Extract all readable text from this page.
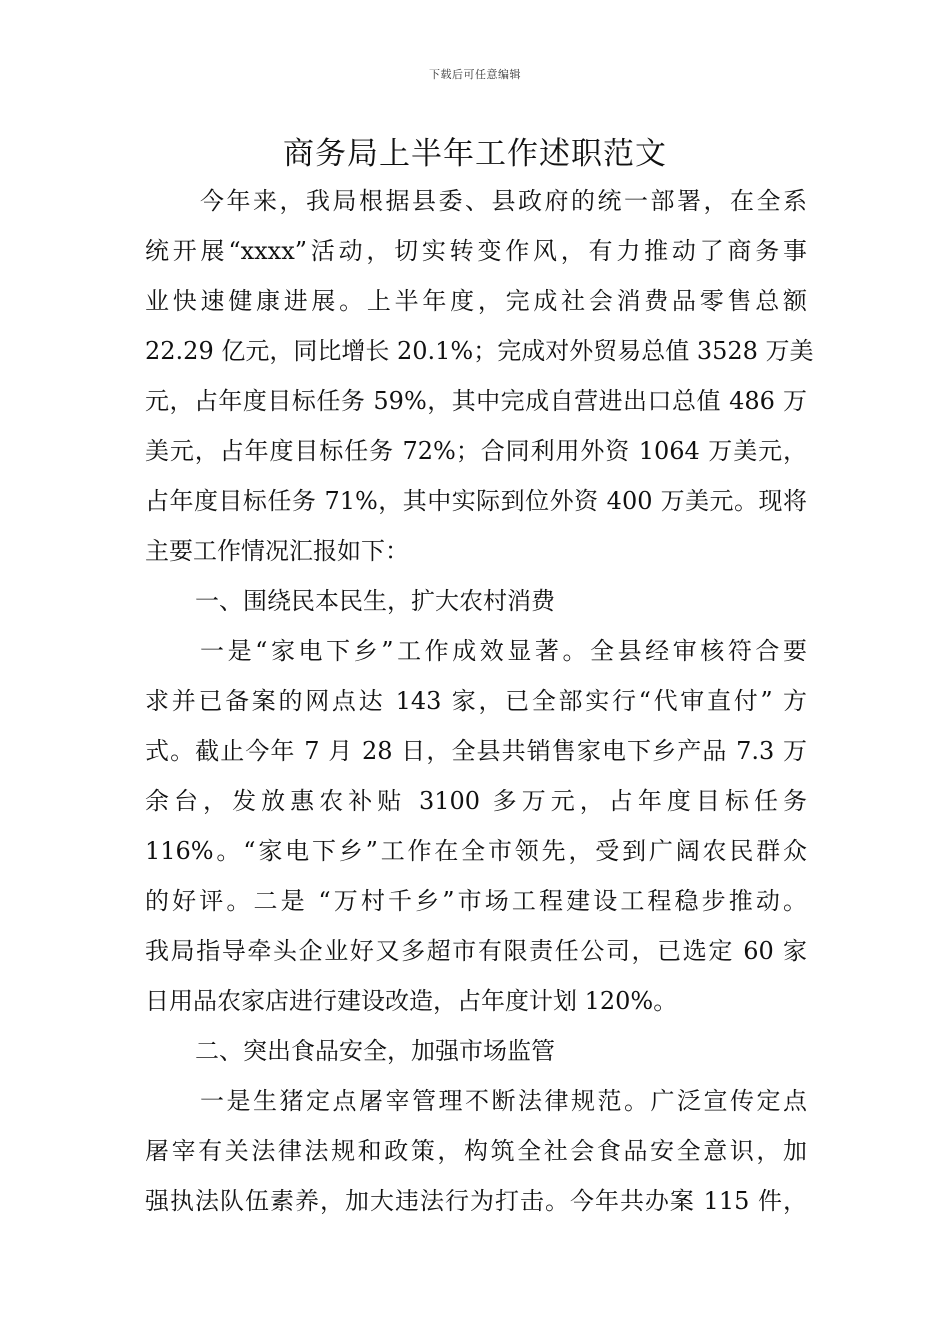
下载后可任意编辑
商务局上半年工作述职范文
今年来，我局根据县委、县政府的统一部署，在全系
统开展“xxxx”活动，切实转变作风，有力推动了商务事
业快速健康进展。上半年度，完成社会消费品零售总额
22.29 亿元，同比增长 20.1%；完成对外贸易总值 3528 万美
元，占年度目标任务 59%，其中完成自营进出口总值 486 万
美元，占年度目标任务 72%；合同利用外资 1064 万美元，
占年度目标任务 71%，其中实际到位外资 400 万美元。现将
主要工作情况汇报如下：
一、围绕民本民生，扩大农村消费
一是“家电下乡”工作成效显著。全县经审核符合要
求并已备案的网点达 143 家，已全部实行“代审直付” 方
式。截止今年 7 月 28 日，全县共销售家电下乡产品 7.3 万
余台，发放惠农补贴 3100 多万元，占年度目标任务
116%。“家电下乡”工作在全市领先，受到广阔农民群众
的好评。二是 “万村千乡”市场工程建设工程稳步推动。
我局指导牵头企业好又多超市有限责任公司，已选定 60 家
日用品农家店进行建设改造，占年度计划 120%。
二、突出食品安全，加强市场监管
一是生猪定点屠宰管理不断法律规范。广泛宣传定点
屠宰有关法律法规和政策，构筑全社会食品安全意识，加
强执法队伍素养，加大违法行为打击。今年共办案 115 件，
